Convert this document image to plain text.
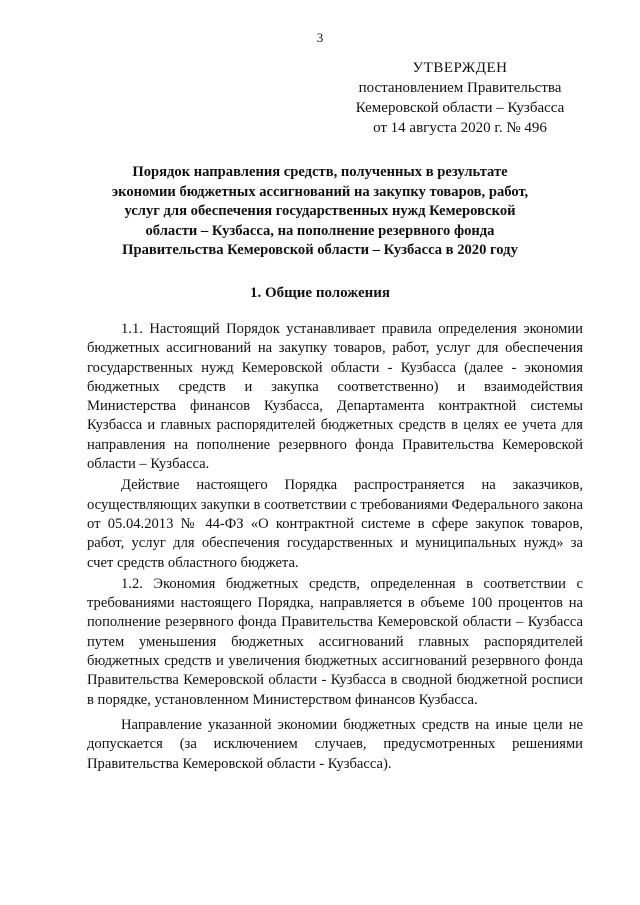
3
УТВЕРЖДЕН
постановлением Правительства
Кемеровской области – Кузбасса
от 14 августа 2020 г. № 496
Порядок направления средств, полученных в результате экономии бюджетных ассигнований на закупку товаров, работ, услуг для обеспечения государственных нужд Кемеровской области – Кузбасса, на пополнение резервного фонда Правительства Кемеровской области – Кузбасса в 2020 году
1. Общие положения

1.1. Настоящий Порядок устанавливает правила определения экономии бюджетных ассигнований на закупку товаров, работ, услуг для обеспечения государственных нужд Кемеровской области - Кузбасса (далее - экономия бюджетных средств и закупка соответственно) и взаимодействия Министерства финансов Кузбасса, Департамента контрактной системы Кузбасса и главных распорядителей бюджетных средств в целях ее учета для направления на пополнение резервного фонда Правительства Кемеровской области – Кузбасса.

Действие настоящего Порядка распространяется на заказчиков, осуществляющих закупки в соответствии с требованиями Федерального закона от 05.04.2013 № 44-ФЗ «О контрактной системе в сфере закупок товаров, работ, услуг для обеспечения государственных и муниципальных нужд» за счет средств областного бюджета.

1.2. Экономия бюджетных средств, определенная в соответствии с требованиями настоящего Порядка, направляется в объеме 100 процентов на пополнение резервного фонда Правительства Кемеровской области – Кузбасса путем уменьшения бюджетных ассигнований главных распорядителей бюджетных средств и увеличения бюджетных ассигнований резервного фонда Правительства Кемеровской области - Кузбасса в сводной бюджетной росписи в порядке, установленном Министерством финансов Кузбасса.

Направление указанной экономии бюджетных средств на иные цели не допускается (за исключением случаев, предусмотренных решениями Правительства Кемеровской области - Кузбасса).
